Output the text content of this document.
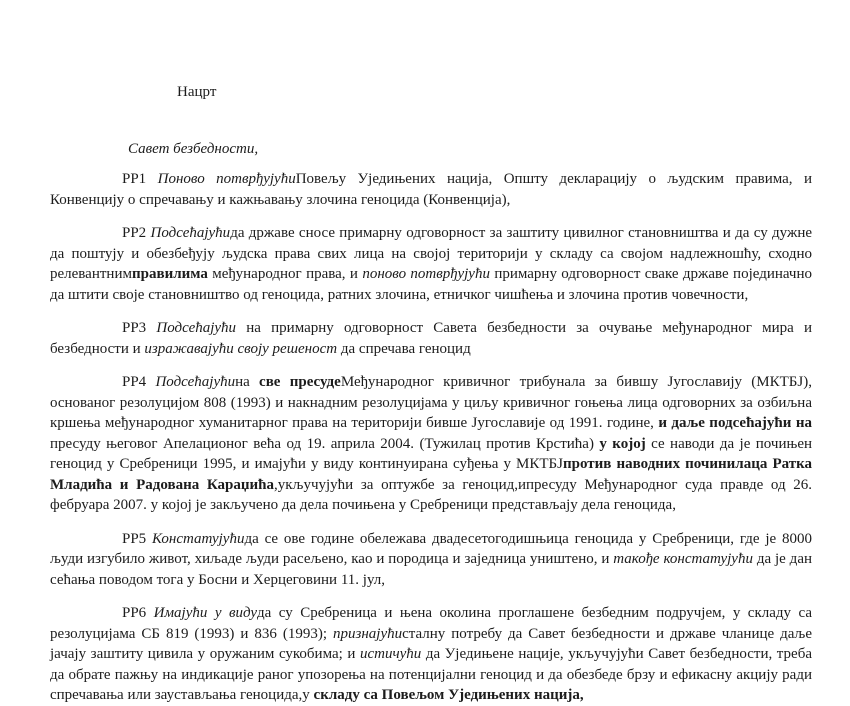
Нацрт
Савет безбедности,

РР1 Поново потврђујућиПовељу Уједињених нација, Општу декларацију о људским правима, и Конвенцију о спречавању и кажњавању злочина геноцида (Конвенција),

РР2 Подсећајућида државе сносе примарну одговорност за заштиту цивилног становништва и да су дужне да поштују и обезбеђују људска права свих лица на својој територији у складу са својом надлежношћу, сходно релевантнимправилима међународног права, и поново потврђујући примарну одговорност сваке државе појединачно да штити своје становништво од геноцида, ратних злочина, етничког чишћења и злочина против човечности,

РР3 Подсећајући на примарну одговорност Савета безбедности за очување међународног мира и безбедности и изражавајући своју решеност да спречава геноцид

РР4 Подсећајућина све пресудеМеђународног кривичног трибунала за бившу Југославију (МКТБЈ), основаног резолуцијом 808 (1993) и накнадним резолуцијама у циљу кривичног гоњења лица одговорних за озбиљна кршења међународног хуманитарног права на територији бивше Југославије од 1991. године, и даље подсећајући на пресуду његовог Апелационог већа од 19. априла 2004. (Тужилац против Крстића) у којој се наводи да је почињен геноцид у Сребреници 1995, и имајући у виду континуирана суђења у МКТБЈпротив наводних починилаца Ратка Младића и Радована Караџића,укључујући за оптужбе за геноцид,ипресуду Међународног суда правде од 26. фебруара 2007. у којој је закључено да дела почињена у Сребреници представљају дела геноцида,

РР5 Констатујућида се ове године обележава двадесетогодишњица геноцида у Сребреници, где је 8000 људи изгубило живот, хиљаде људи расељено, као и породица и заједница уништено, и такође констатујући да је дан сећања поводом тога у Босни и Херцеговини 11. јул,

РР6 Имајући у видуда су Сребреница и њена околина проглашене безбедним подручјем, у складу са резолуцијама СБ 819 (1993) и 836 (1993); признајућисталну потребу да Савет безбедности и државе чланице даље јачају заштиту цивила у оружаним сукобима; и истичући да Уједињене нације, укључујући Савет безбедности, треба да обрате пажњу на индикације раног упозорења на потенцијални геноцид и да обезбеде брзу и ефикасну акцију ради спречавања или заустављања геноцида,у складу са Повељом Уједињених нација,
